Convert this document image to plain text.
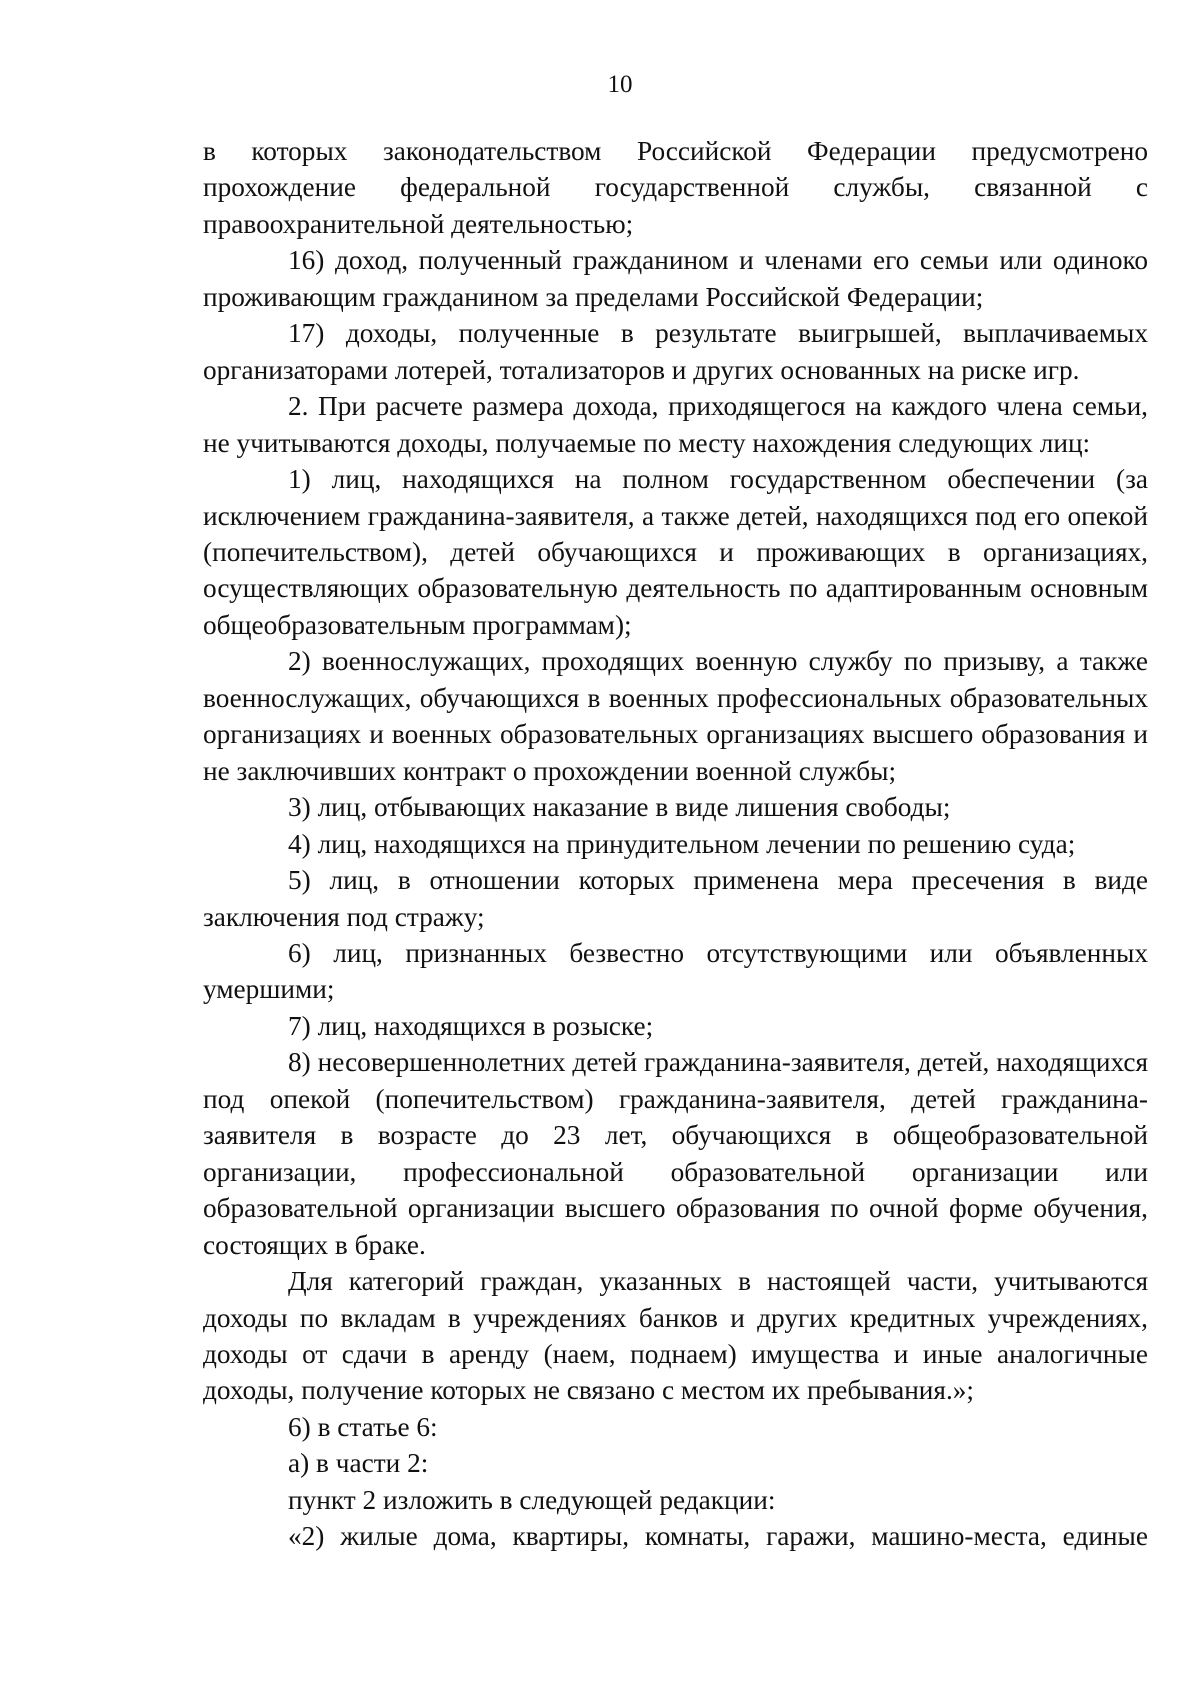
10

в которых законодательством Российской Федерации предусмотрено прохождение федеральной государственной службы, связанной с правоохранительной деятельностью;

16) доход, полученный гражданином и членами его семьи или одиноко проживающим гражданином за пределами Российской Федерации;

17) доходы, полученные в результате выигрышей, выплачиваемых организаторами лотерей, тотализаторов и других основанных на риске игр.

2. При расчете размера дохода, приходящегося на каждого члена семьи, не учитываются доходы, получаемые по месту нахождения следующих лиц:

1) лиц, находящихся на полном государственном обеспечении (за исключением гражданина-заявителя, а также детей, находящихся под его опекой (попечительством), детей обучающихся и проживающих в организациях, осуществляющих образовательную деятельность по адаптированным основным общеобразовательным программам);

2) военнослужащих, проходящих военную службу по призыву, а также военнослужащих, обучающихся в военных профессиональных образовательных организациях и военных образовательных организациях высшего образования и не заключивших контракт о прохождении военной службы;

3) лиц, отбывающих наказание в виде лишения свободы;

4) лиц, находящихся на принудительном лечении по решению суда;

5) лиц, в отношении которых применена мера пресечения в виде заключения под стражу;

6) лиц, признанных безвестно отсутствующими или объявленных умершими;

7) лиц, находящихся в розыске;

8) несовершеннолетних детей гражданина-заявителя, детей, находящихся под опекой (попечительством) гражданина-заявителя, детей гражданина-заявителя в возрасте до 23 лет, обучающихся в общеобразовательной организации, профессиональной образовательной организации или образовательной организации высшего образования по очной форме обучения, состоящих в браке.

Для категорий граждан, указанных в настоящей части, учитываются доходы по вкладам в учреждениях банков и других кредитных учреждениях, доходы от сдачи в аренду (наем, поднаем) имущества и иные аналогичные доходы, получение которых не связано с местом их пребывания.»;

6) в статье 6:

а) в части 2:

пункт 2 изложить в следующей редакции:

«2) жилые дома, квартиры, комнаты, гаражи, машино-места, единые
